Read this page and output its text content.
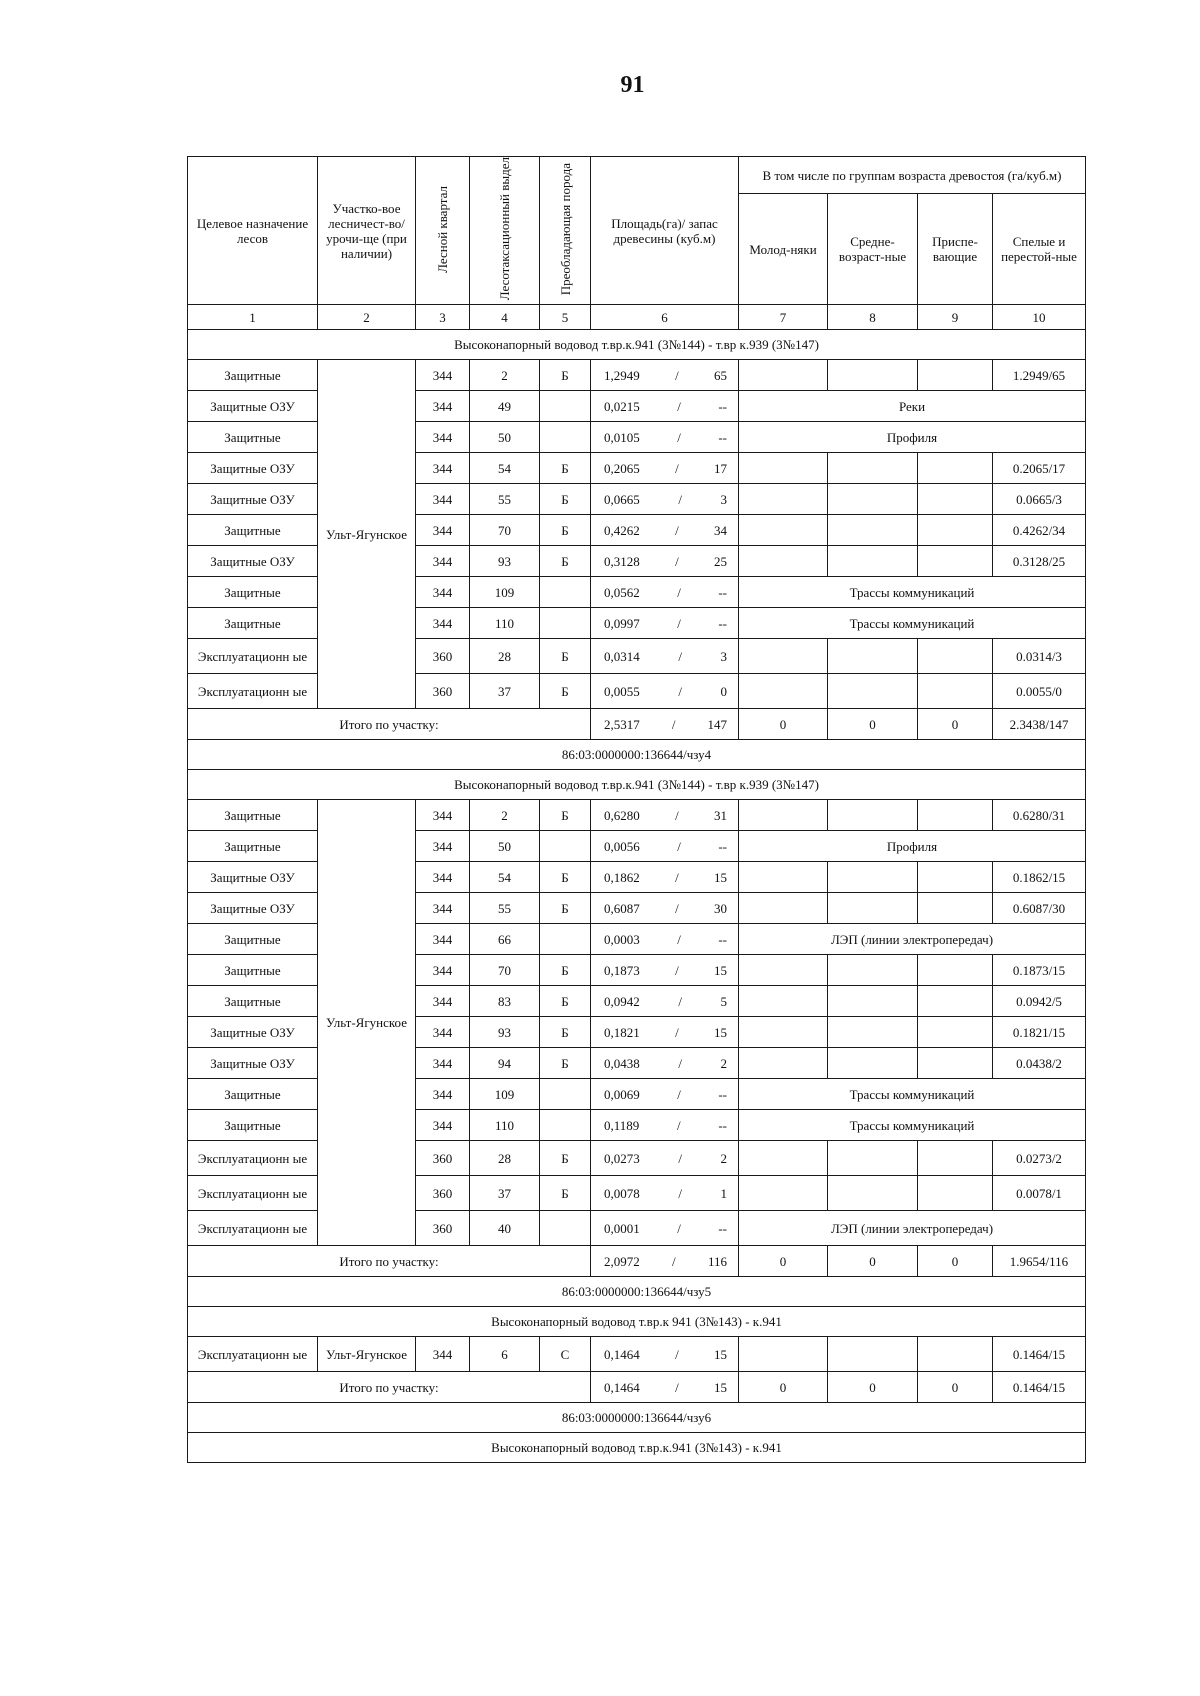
91
Целевое назначение лесов	Участко-вое лесничест-во/урочи-ще (при наличии)	Лесной квартал	Лесотаксационный выдел	Преобладающая порода	Площадь(га)/ запас древесины (куб.м)	В том числе по группам возраста древостоя (га/куб.м)			
						Молод-няки	Средне-возраст-ные	Приспе-вающие	Спелые и перестой-ные
1	2	3	4	5	6	7	8	9	10
Высоконапорный водовод т.вр.к.941 (3№144) - т.вр к.939 (3№147)									
Защитные	Ульт-Ягунское	344	2	Б	1,2949 / 65				1.2949/65
Защитные ОЗУ		344	49		0,0215 / --	Реки			
Защитные		344	50		0,0105 / --	Профиля			
Защитные ОЗУ		344	54	Б	0,2065 / 17				0.2065/17
Защитные ОЗУ		344	55	Б	0,0665 / 3				0.0665/3
Защитные		344	70	Б	0,4262 / 34				0.4262/34
Защитные ОЗУ		344	93	Б	0,3128 / 25				0.3128/25
Защитные		344	109		0,0562 / --	Трассы коммуникаций			
Защитные		344	110		0,0997 / --	Трассы коммуникаций			
Эксплуатационн ые		360	28	Б	0,0314 / 3				0.0314/3
Эксплуатационн ые		360	37	Б	0,0055 / 0				0.0055/0
Итого по участку:					2,5317 / 147	0	0	0	2.3438/147
86:03:0000000:136644/чзу4									
Высоконапорный водовод т.вр.к.941 (3№144) - т.вр к.939 (3№147)									
Защитные	Ульт-Ягунское	344	2	Б	0,6280 / 31				0.6280/31
Защитные		344	50		0,0056 / --	Профиля			
Защитные ОЗУ		344	54	Б	0,1862 / 15				0.1862/15
Защитные ОЗУ		344	55	Б	0,6087 / 30				0.6087/30
Защитные		344	66		0,0003 / --	ЛЭП (линии электропередач)			
Защитные		344	70	Б	0,1873 / 15				0.1873/15
Защитные		344	83	Б	0,0942 / 5				0.0942/5
Защитные ОЗУ		344	93	Б	0,1821 / 15				0.1821/15
Защитные ОЗУ		344	94	Б	0,0438 / 2				0.0438/2
Защитные		344	109		0,0069 / --	Трассы коммуникаций			
Защитные		344	110		0,1189 / --	Трассы коммуникаций			
Эксплуатационн ые		360	28	Б	0,0273 / 2				0.0273/2
Эксплуатационн ые		360	37	Б	0,0078 / 1				0.0078/1
Эксплуатационн ые		360	40		0,0001 / --	ЛЭП (линии электропередач)			
Итого по участку:					2,0972 / 116	0	0	0	1.9654/116
86:03:0000000:136644/чзу5									
Высоконапорный водовод т.вр.к 941 (3№143) - к.941									
Эксплуатационн ые	Ульт-Ягунское	344	6	С	0,1464 / 15				0.1464/15
Итого по участку:					0,1464 / 15	0	0	0	0.1464/15
86:03:0000000:136644/чзу6									
Высоконапорный водовод т.вр.к.941 (3№143) - к.941									
